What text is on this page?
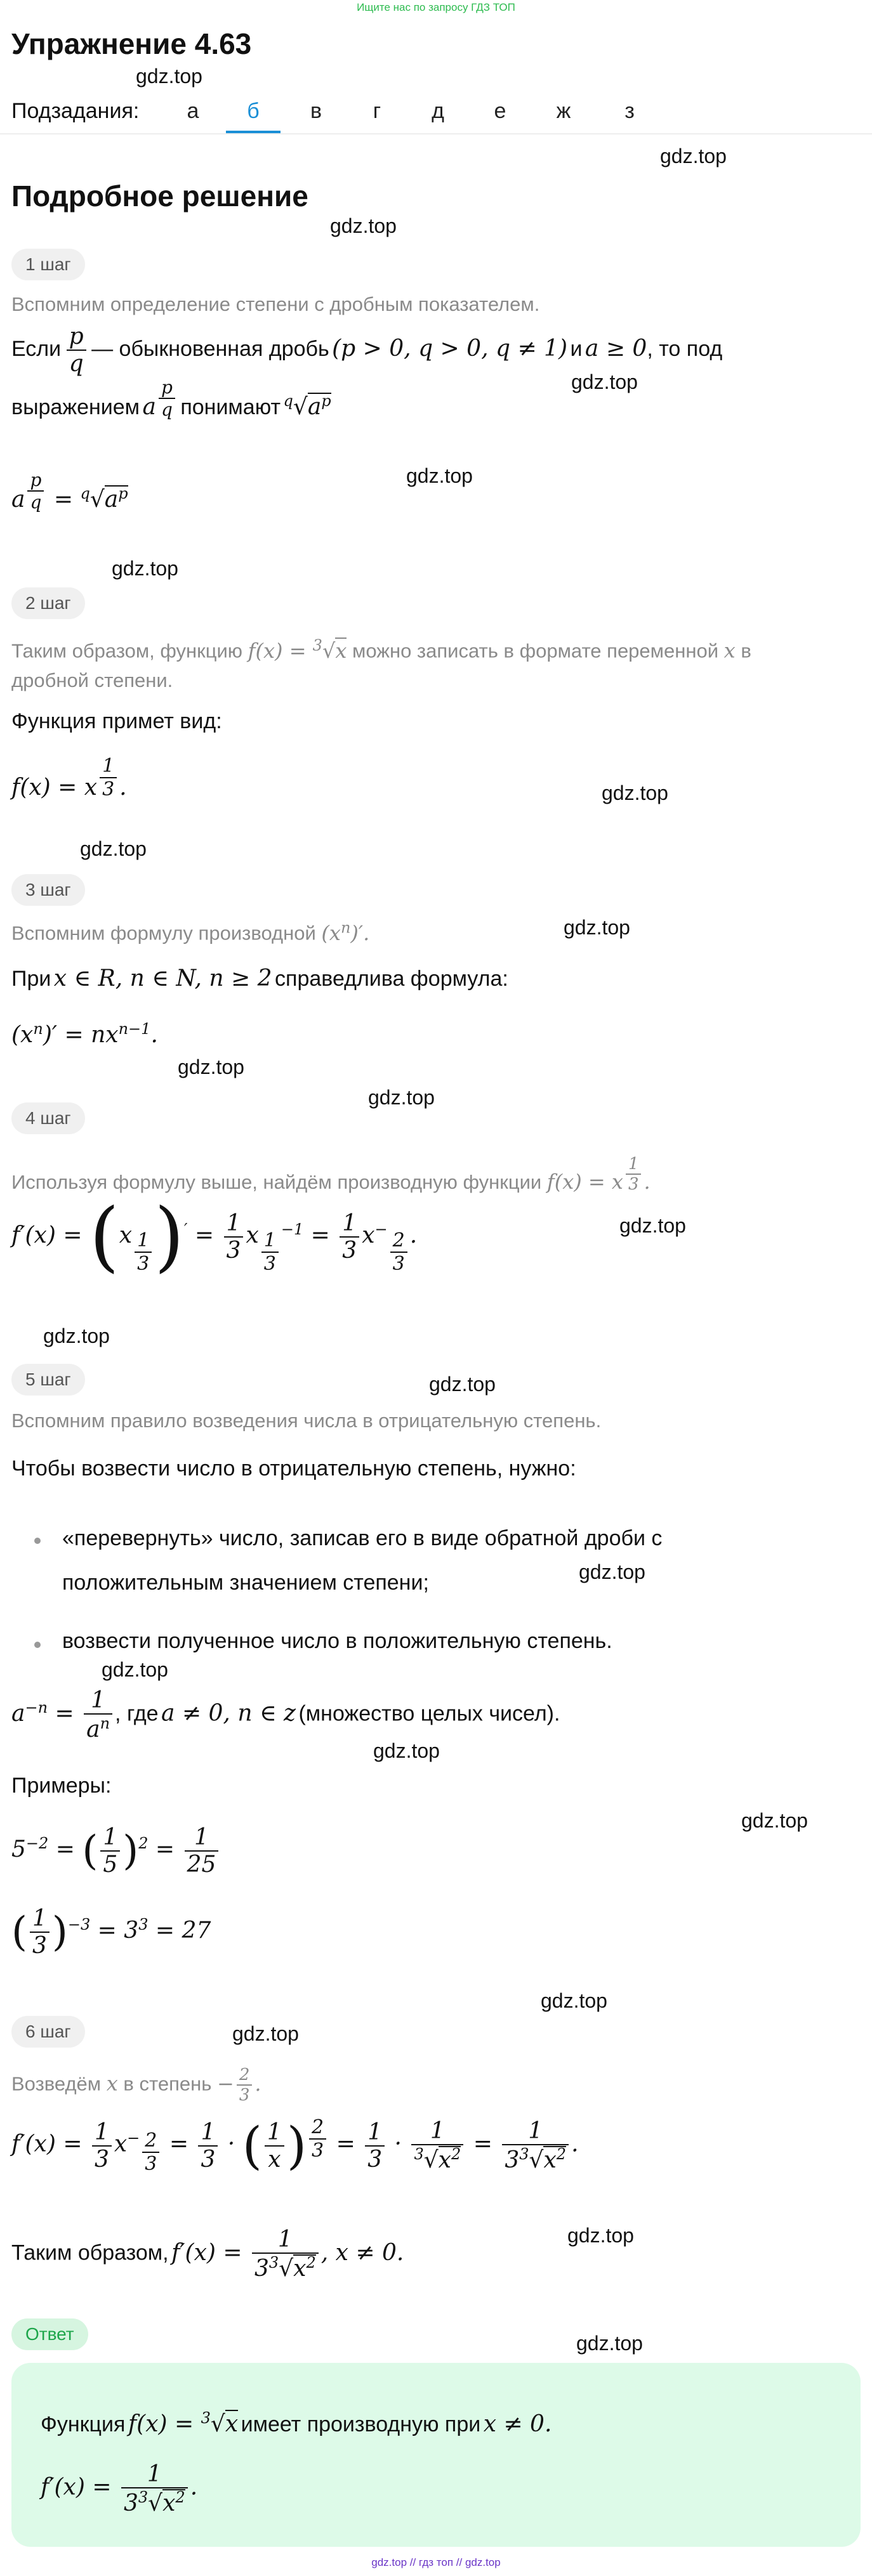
Ищите нас по запросу ГДЗ ТОП
Упражнение 4.63
gdz.top
gdz.top
gdz.top
gdz.top
gdz.top
gdz.top
gdz.top
gdz.top
gdz.top
gdz.top
gdz.top
gdz.top
gdz.top
gdz.top
gdz.top
gdz.top
gdz.top
gdz.top
gdz.top
gdz.top
gdz.top
gdz.top
Подзадания:	а	б	в	г	д	е	ж	з
Подробное решение
1 шаг
Вспомним определение степени с дробным показателем.
Если $\frac{p}{q}$ — обыкновенная дробь (p > 0, q > 0, q ≠ 1) и a ≥ 0, то под
выражением a $\frac{p}{q}$ понимают $^q√a^p$
a $\frac{p}{q} = ^q√a^p$
2 шаг
Таким образом, функцию f(x) = $^3$√x можно записать в формате переменной x в
дробной степени.
Функция примет вид:
f(x) = x $\frac{1}{3}$ .
3 шаг
Вспомним формулу производной $(x^n)'$.
При x ∈ R, n ∈ N, n ≥ 2 справедлива формула:
$(x^n)' = nx^{n-1}$.
4 шаг
Используя формулу выше, найдём производную функции f(x) = x $\frac{1}{3}$ .
$f'(x) = (x \frac{1}{3} )' = \frac{1}{3}$ x $\frac{1}{3} ^{-1} = \frac{1}{3} x^- \frac{2}{3}$ .
5 шаг
Вспомним правило возведения числа в отрицательную степень.
Чтобы возвести число в отрицательную степень, нужно:
«перевернуть» число, записав его в виде обратной дроби с
положительным значением степени;
возвести полученное число в положительную степень.
$a^{-n} = \frac{1}{a^n}$ , где a ≠ 0, n ∈ z (множество целых чисел).
Примеры:
$5^{-2}$ = ( $\frac{1}{5} )^2 = \frac{1}{25}$
( $\frac{1}{3} )^{-3} = 3^3 = 27$
6 шаг
Возведём x в степень − $\frac{2}{3}$ .
$f'(x) = \frac{1}{3} x^- \frac{2}{3} = \frac{1}{3}$ · ( $\frac{1}{x}$ ) $\frac{2}{3} = \frac{1}{3} \cdot \frac{1}{^3√x^2} = \frac{1}{3^3√x^2}$ .
Таким образом, $f'(x) = \frac{1}{3^3√x^2}$ , x ≠ 0.
Ответ
Функция f(x) = $^3$√x имеет производную при x ≠ 0.
$f'(x) = \frac{1}{3^3√x^2}$ .
gdz.top // гдз топ // gdz.top
